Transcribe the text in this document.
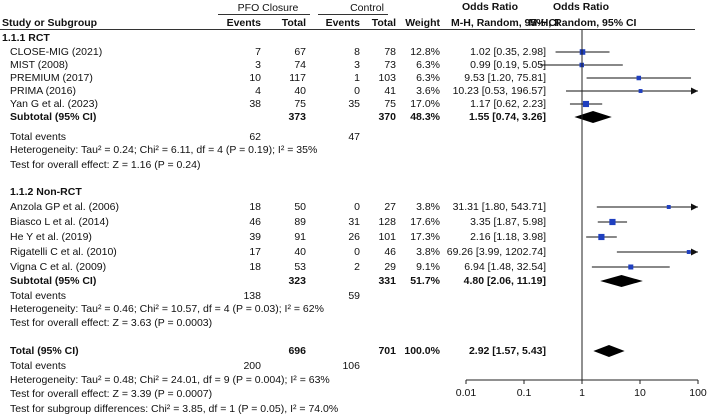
PFO Closure	Control	Odds Ratio	Odds Ratio
Study or Subgroup	Events	Total	Events	Total Weight	M-H, Random, 95% CI
M-H, Random, 95% CI
1.1.1 RCT
CLOSE-MIG (2021)	7	67	8	78	12.8%	1.02 [0.35, 2.98]
MIST (2008)	3	74	3	73	6.3%	0.99 [0.19, 5.05]
PREMIUM (2017)	10	117	1	103	6.3%	9.53 [1.20, 75.81]
PRIMA (2016)	4	40	0	41	3.6%	10.23 [0.53, 196.57]
Yan G et al. (2023)	38	75	35	75	17.0%	1.17 [0.62, 2.23]
Subtotal (95% CI)	373	370	48.3%	1.55 [0.74, 3.26]
Total events	62	47
Heterogeneity: Tau² = 0.24; Chi² = 6.11, df = 4 (P = 0.19); I² = 35%
Test for overall effect: Z = 1.16 (P = 0.24)
1.1.2 Non-RCT
Anzola GP et al. (2006)	18	50	0	27	3.8%	31.31 [1.80, 543.71]
Biasco L et al. (2014)	46	89	31	128	17.6%	3.35 [1.87, 5.98]
He Y et al. (2019)	39	91	26	101	17.3%	2.16 [1.18, 3.98]
Rigatelli C et al. (2010)	17	40	0	46	3.8% 69.26 [3.99, 1202.74]
Vigna C et al. (2009)	18	53	2	29	9.1%	6.94 [1.48, 32.54]
Subtotal (95% CI)	323	331	51.7%	4.80 [2.06, 11.19]
Total events	138	59
Heterogeneity: Tau² = 0.46; Chi² = 10.57, df = 4 (P = 0.03); I² = 62%
Test for overall effect: Z = 3.63 (P = 0.0003)
Total (95% CI)	696	701 100.0%	2.92 [1.57, 5.43]
Total events	200	106
Heterogeneity: Tau² = 0.48; Chi² = 24.01, df = 9 (P = 0.004); I² = 63%
Test for overall effect: Z = 3.39 (P = 0.0007)
Test for subgroup differences: Chi² = 3.85, df = 1 (P = 0.05), I² = 74.0%
0.01	0.1	1	10	100
